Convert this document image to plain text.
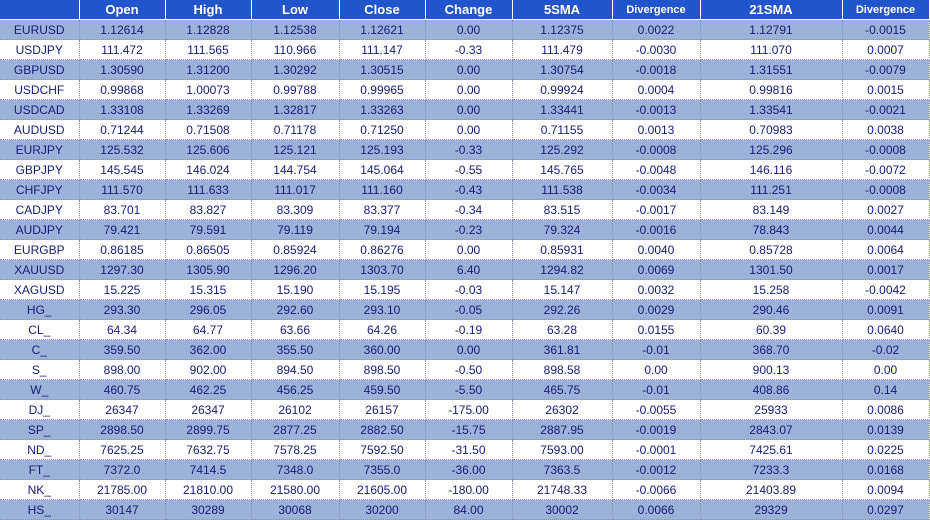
	Open	High	Low	Close	Change	5SMA	Divergence	21SMA	Divergence
EURUSD	1.12614	1.12828	1.12538	1.12621	0.00	1.12375	0.0022	1.12791	-0.0015
USDJPY	111.472	111.565	110.966	111.147	-0.33	111.479	-0.0030	111.070	0.0007
GBPUSD	1.30590	1.31200	1.30292	1.30515	0.00	1.30754	-0.0018	1.31551	-0.0079
USDCHF	0.99868	1.00073	0.99788	0.99965	0.00	0.99924	0.0004	0.99816	0.0015
USDCAD	1.33108	1.33269	1.32817	1.33263	0.00	1.33441	-0.0013	1.33541	-0.0021
AUDUSD	0.71244	0.71508	0.71178	0.71250	0.00	0.71155	0.0013	0.70983	0.0038
EURJPY	125.532	125.606	125.121	125.193	-0.33	125.292	-0.0008	125.296	-0.0008
GBPJPY	145.545	146.024	144.754	145.064	-0.55	145.765	-0.0048	146.116	-0.0072
CHFJPY	111.570	111.633	111.017	111.160	-0.43	111.538	-0.0034	111.251	-0.0008
CADJPY	83.701	83.827	83.309	83.377	-0.34	83.515	-0.0017	83.149	0.0027
AUDJPY	79.421	79.591	79.119	79.194	-0.23	79.324	-0.0016	78.843	0.0044
EURGBP	0.86185	0.86505	0.85924	0.86276	0.00	0.85931	0.0040	0.85728	0.0064
XAUUSD	1297.30	1305.90	1296.20	1303.70	6.40	1294.82	0.0069	1301.50	0.0017
XAGUSD	15.225	15.315	15.190	15.195	-0.03	15.147	0.0032	15.258	-0.0042
HG_	293.30	296.05	292.60	293.10	-0.05	292.26	0.0029	290.46	0.0091
CL_	64.34	64.77	63.66	64.26	-0.19	63.28	0.0155	60.39	0.0640
C_	359.50	362.00	355.50	360.00	0.00	361.81	-0.01	368.70	-0.02
S_	898.00	902.00	894.50	898.50	-0.50	898.58	0.00	900.13	0.00
W_	460.75	462.25	456.25	459.50	-5.50	465.75	-0.01	408.86	0.14
DJ_	26347	26347	26102	26157	-175.00	26302	-0.0055	25933	0.0086
SP_	2898.50	2899.75	2877.25	2882.50	-15.75	2887.95	-0.0019	2843.07	0.0139
ND_	7625.25	7632.75	7578.25	7592.50	-31.50	7593.00	-0.0001	7425.61	0.0225
FT_	7372.0	7414.5	7348.0	7355.0	-36.00	7363.5	-0.0012	7233.3	0.0168
NK_	21785.00	21810.00	21580.00	21605.00	-180.00	21748.33	-0.0066	21403.89	0.0094
HS_	30147	30289	30068	30200	84.00	30002	0.0066	29329	0.0297
